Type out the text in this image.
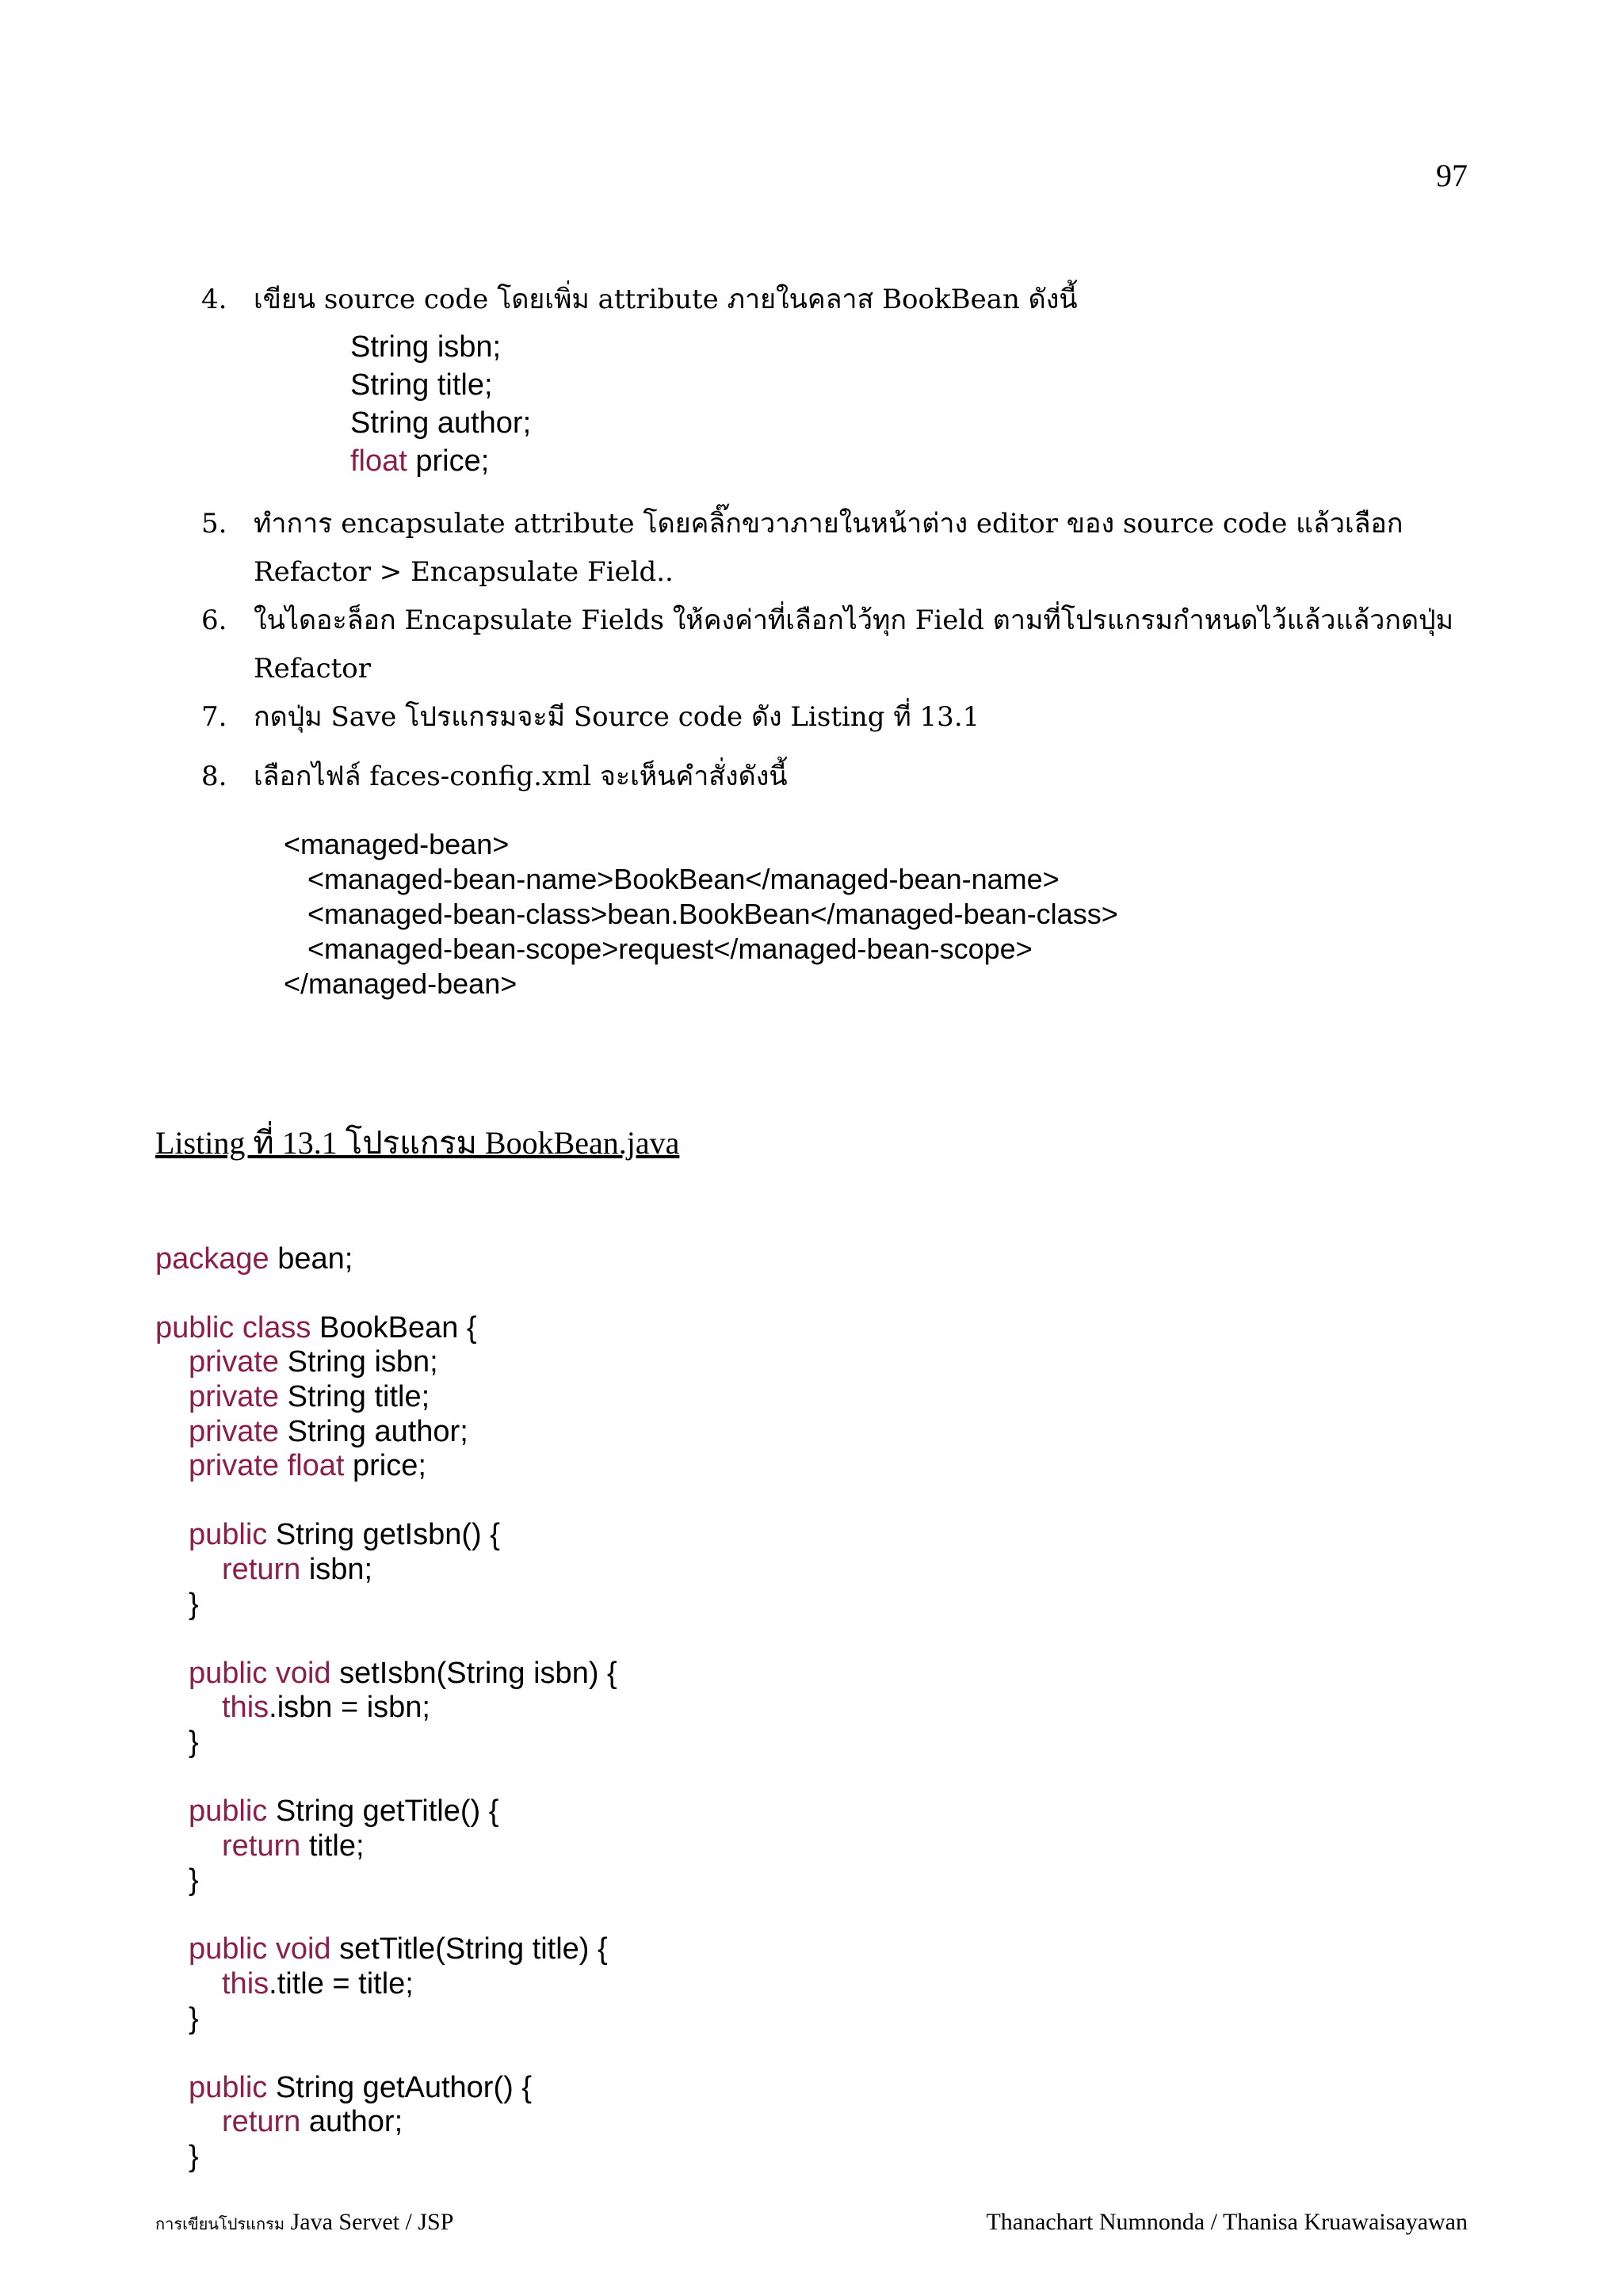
97
4. เขียน source code โดยเพิ่ม attribute ภายในคลาส BookBean ดังนี้
5. ทำการ encapsulate attribute โดยคลิ๊กขวาภายในหน้าต่าง editor ของ source code แล้วเลือก
Refactor > Encapsulate Field..
6. ในไดอะล็อก Encapsulate Fields ให้คงค่าที่เลือกไว้ทุก Field ตามที่โปรแกรมกำหนดไว้แล้วแล้วกดปุ่ม
Refactor
7. กดปุ่ม Save โปรแกรมจะมี Source code ดัง Listing ที่ 13.1
8. เลือกไฟล์ faces-config.xml จะเห็นคำสั่งดังนี้
String isbn;
String title;
String author;
float price;
<managed-bean>
<managed-bean-name>BookBean</managed-bean-name>
<managed-bean-class>bean.BookBean</managed-bean-class>
<managed-bean-scope>request</managed-bean-scope>
</managed-bean>
Listing ที่ 13.1 โปรแกรม BookBean.java

package bean;
public class BookBean {
private String isbn;
private String title;
private String author;
private float price;
public String getIsbn() {
return isbn;
}
public void setIsbn(String isbn) {
this.isbn = isbn;
}
public String getTitle() {
return title;
}
public void setTitle(String title) {
this.title = title;
}
public String getAuthor() {
return author;
}

การเขียนโปรแกรม Java Servet / JSP	Thanachart Numnonda / Thanisa Kruawaisayawan
